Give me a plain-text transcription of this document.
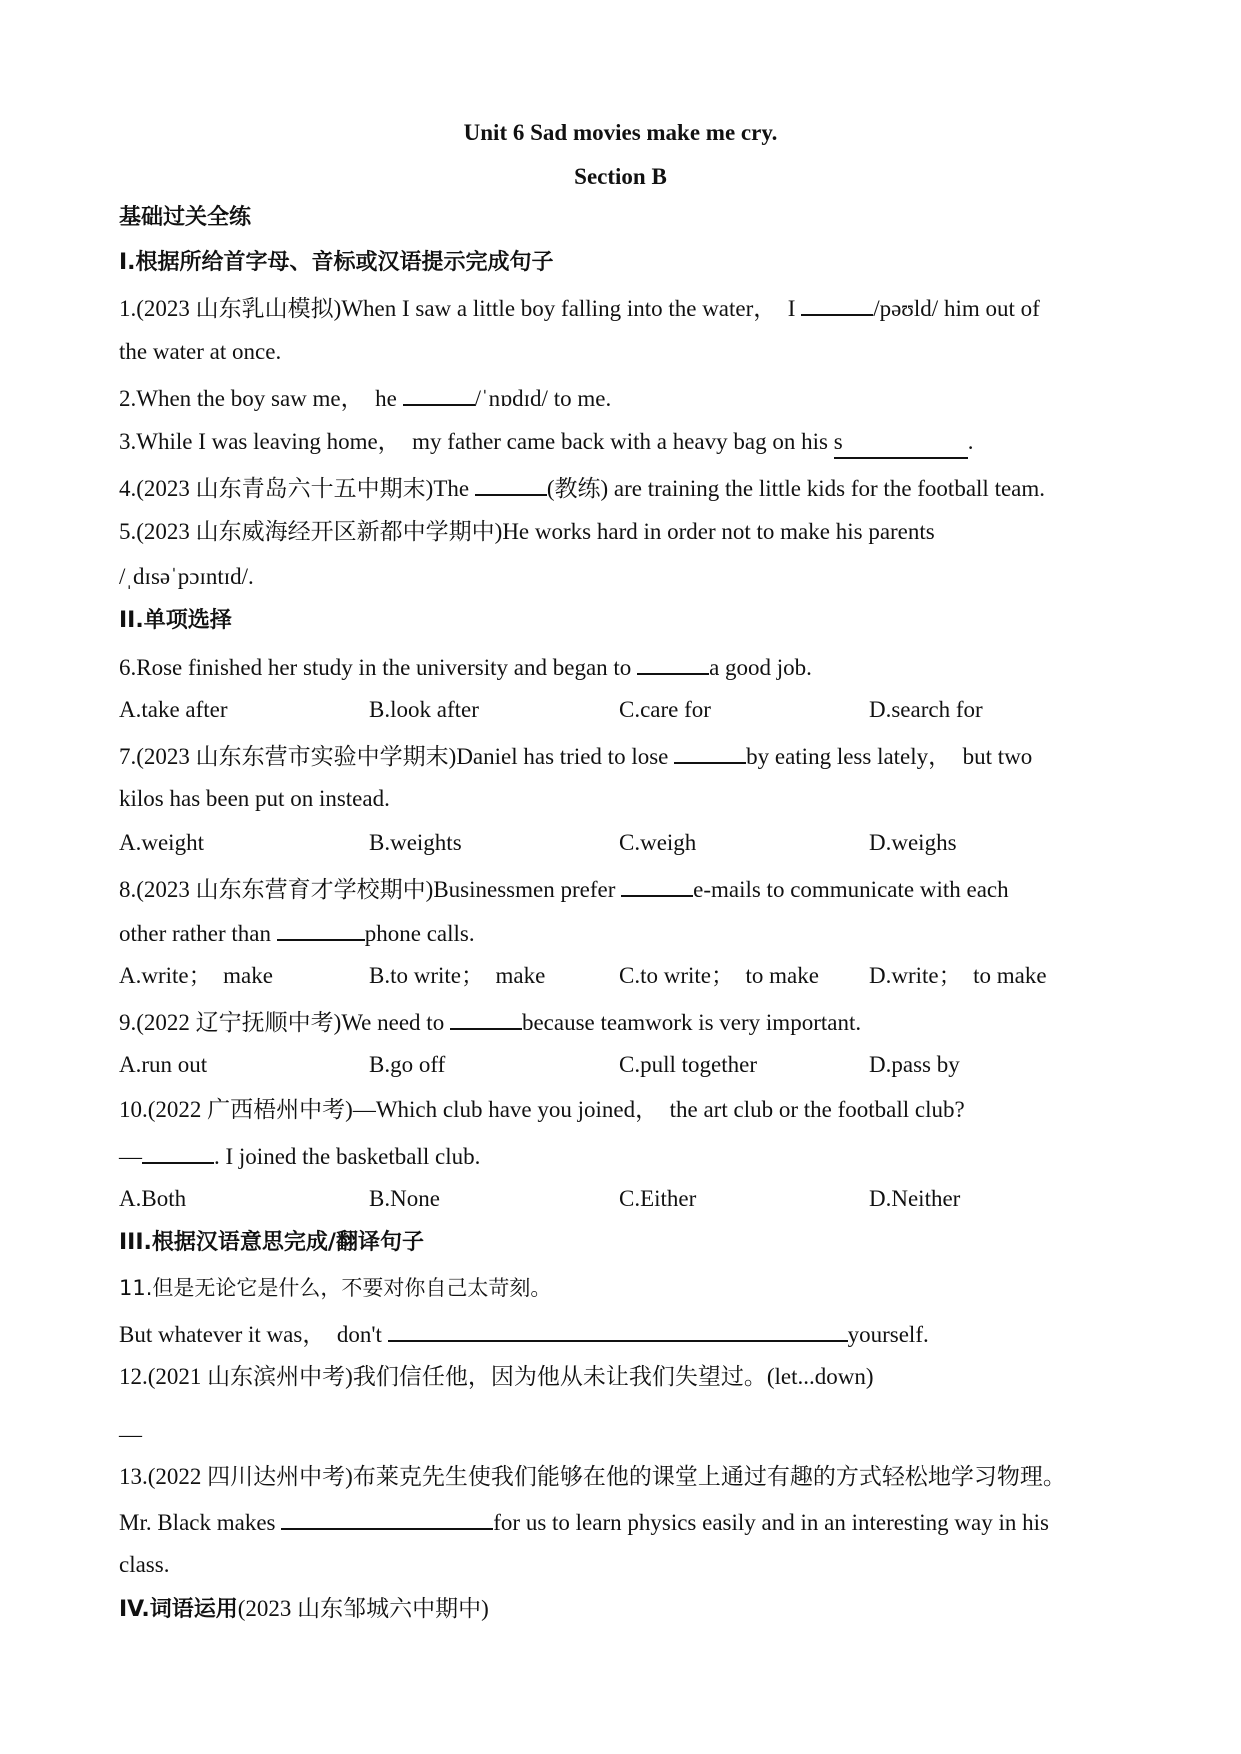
Unit 6 Sad movies make me cry.
Section B
基础过关全练
I.根据所给首字母、音标或汉语提示完成句子
1.(2023 山东乳山模拟)When I saw a little boy falling into the water，  I	/pəʊld/ him out of
the water at once.
2.When the boy saw me，  he	/ˈnɒdɪd/ to me.
3.While I was leaving home，  my father came back with a heavy bag on his s	.
4.(2023 山东青岛六十五中期末)The	(教练) are training the little kids for the football team.
5.(2023 山东威海经开区新都中学期中)He works hard in order not to make his parents
/ˌdɪsəˈpɔɪntɪd/.
II.单项选择
6.Rose finished her study in the university and began to	a good job.
A.take after	B.look after	C.care for	D.search for
7.(2023 山东东营市实验中学期末)Daniel has tried to lose	by eating less lately，  but two
kilos has been put on instead.
A.weight	B.weights	C.weigh	D.weighs
8.(2023 山东东营育才学校期中)Businessmen prefer	e-mails to communicate with each
other rather than	phone calls.
A.write；  make	B.to write；  make	C.to write；  to make D.write；  to make
9.(2022 辽宁抚顺中考)We need to	because teamwork is very important.
A.run out	B.go off	C.pull together	D.pass by
10.(2022 广西梧州中考)—Which club have you joined，  the art club or the football club?
—	. I joined the basketball club.
A.Both	B.None	C.Either	D.Neither
III.根据汉语意思完成/翻译句子
11.但是无论它是什么，不要对你自己太苛刻。
But whatever it was，  don't	yourself.
12.(2021 山东滨州中考)我们信任他，因为他从未让我们失望过。(let...down)
—
13.(2022 四川达州中考)布莱克先生使我们能够在他的课堂上通过有趣的方式轻松地学习物理。
Mr. Black makes	for us to learn physics easily and in an interesting way in his
class.
IV.词语运用(2023 山东邹城六中期中)
